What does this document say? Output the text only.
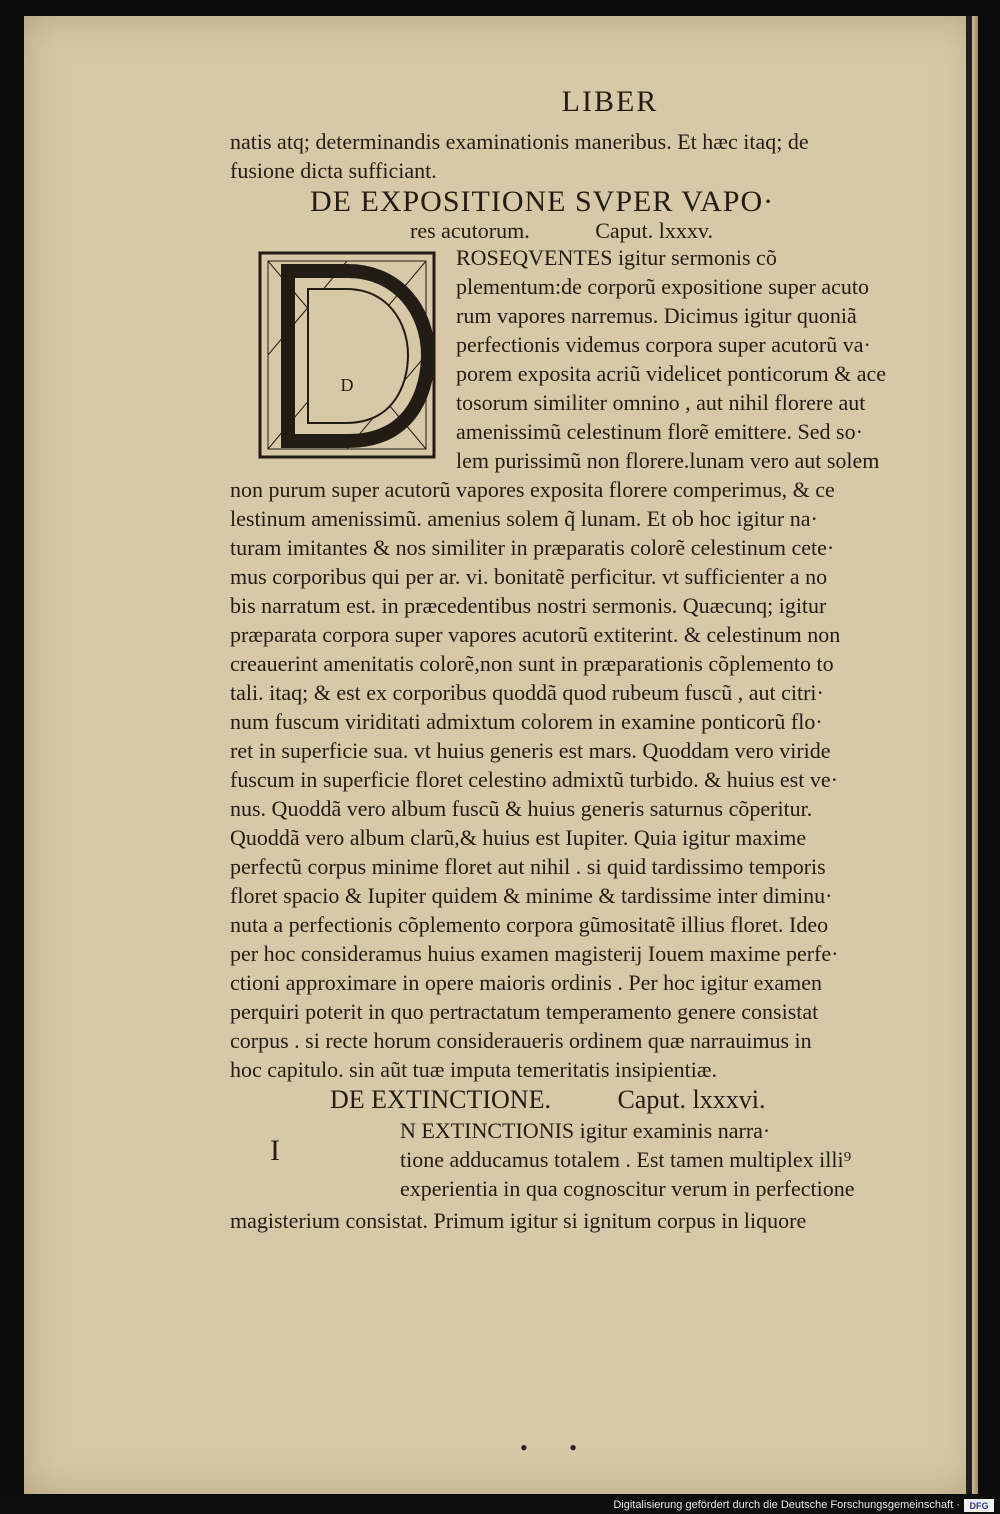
LIBER
natis atq; determinandis examinationis maneribus. Et hæc itaq; de
fusione dicta sufficiant.
DE EXPOSITIONE SVPER VAPO·
res acutorum.	Caput. lxxxv.
D
ROSEQVENTES igitur sermonis cõ
plementum:de corporũ expositione super acuto
rum vapores narremus. Dicimus igitur quoniã
perfectionis videmus corpora super acutorũ va·
porem exposita acriũ videlicet ponticorum & ace
tosorum similiter omnino , aut nihil florere aut
amenissimũ celestinum florẽ emittere. Sed so·
lem purissimũ non florere.lunam vero aut solem
non purum super acutorũ vapores exposita florere comperimus, & ce
lestinum amenissimũ. amenius solem q̃ lunam. Et ob hoc igitur na·
turam imitantes & nos similiter in præparatis colorẽ celestinum cete·
mus corporibus qui per ar. vi. bonitatẽ perficitur. vt sufficienter a no
bis narratum est. in præcedentibus nostri sermonis. Quæcunq; igitur
præparata corpora super vapores acutorũ extiterint. & celestinum non
creauerint amenitatis colorẽ,non sunt in præparationis cõplemento to
tali. itaq; & est ex corporibus quoddã quod rubeum fuscũ , aut citri·
num fuscum viriditati admixtum colorem in examine ponticorũ flo·
ret in superficie sua. vt huius generis est mars. Quoddam vero viride
fuscum in superficie floret celestino admixtũ turbido. & huius est ve·
nus. Quoddã vero album fuscũ & huius generis saturnus cõperitur.
Quoddã vero album clarũ,& huius est Iupiter. Quia igitur maxime
perfectũ corpus minime floret aut nihil . si quid tardissimo temporis
floret spacio & Iupiter quidem & minime & tardissime inter diminu·
nuta a perfectionis cõplemento corpora gũmositatẽ illius floret. Ideo
per hoc consideramus huius examen magisterij Iouem maxime perfe·
ctioni approximare in opere maioris ordinis . Per hoc igitur examen
perquiri poterit in quo pertractatum temperamento genere consistat
corpus . si recte horum consideraueris ordinem quæ narrauimus in
hoc capitulo. sin aũt tuæ imputa temeritatis insipientiæ.
DE EXTINCTIONE.	Caput. lxxxvi.
I
N EXTINCTIONIS igitur examinis narra·
tione adducamus totalem . Est tamen multiplex illi⁹
experientia in qua cognoscitur verum in perfectione
magisterium consistat. Primum igitur si ignitum corpus in liquore
• •
Digitalisierung gefördert durch die Deutsche Forschungsgemeinschaft ·	DFG
